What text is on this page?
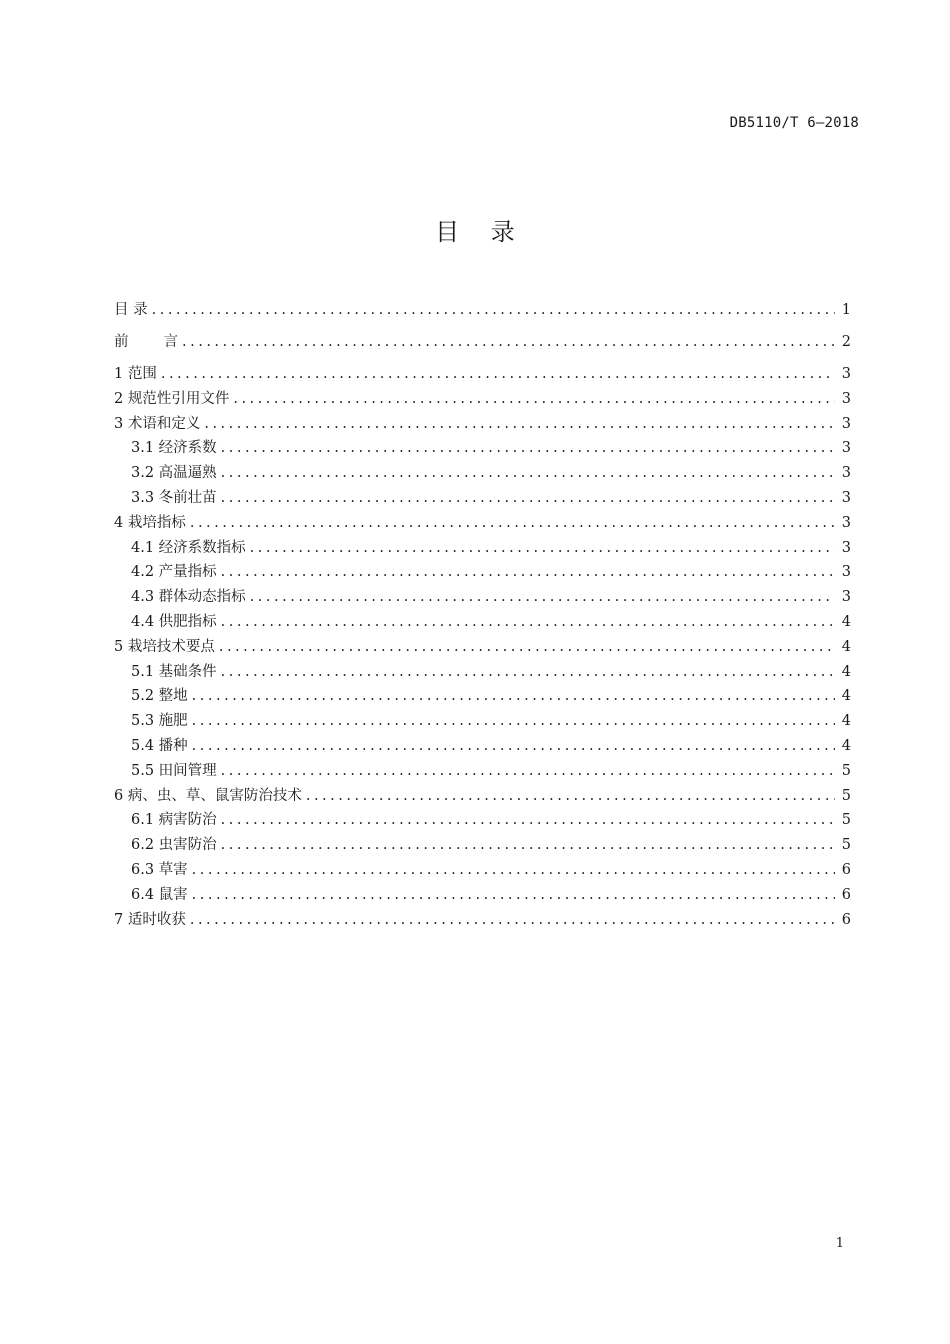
DB5110/T 6—2018
目 录
目 录 .....	1
前 言 .....	2
1 范围 .....	3
2 规范性引用文件 .....	3
3 术语和定义 .....	3
3.1 经济系数 .....	3
3.2 高温逼熟 .....	3
3.3 冬前壮苗 .....	3
4 栽培指标 .....	3
4.1 经济系数指标 .....	3
4.2 产量指标 .....	3
4.3 群体动态指标 .....	3
4.4 供肥指标 .....	4
5 栽培技术要点 .....	4
5.1 基础条件 .....	4
5.2 整地 .....	4
5.3 施肥 .....	4
5.4 播种 .....	4
5.5 田间管理 .....	5
6 病、虫、草、鼠害防治技术 .....	5
6.1 病害防治 .....	5
6.2 虫害防治 .....	5
6.3 草害 .....	6
6.4 鼠害 .....	6
7 适时收获 .....	6
1
